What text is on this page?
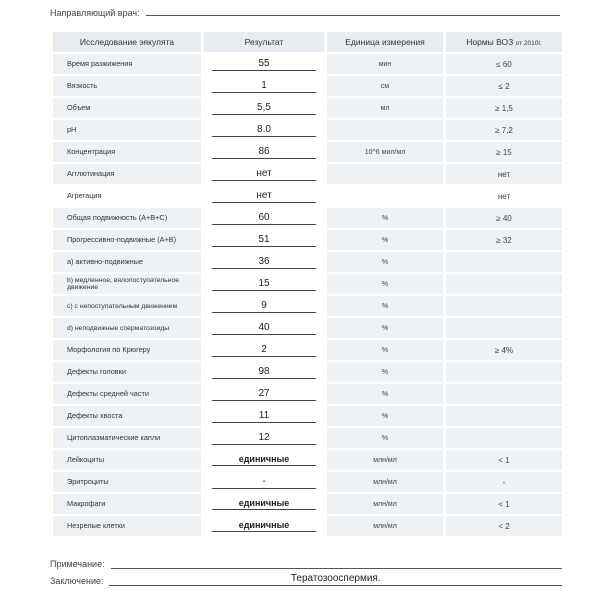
Направляющий врач:
Исследование эякулята	Результат	Единица измерения	Нормы ВОЗ от 2010г.
Время разжижения	55	мин	≤ 60
Вязкость	1	см	≤ 2
Объем	5,5	мл	≥ 1,5
pH	8.0		≥ 7,2
Концентрация	86	10^6 мил/мл	≥ 15
Агглютинация	нет		нет
Агрегация	нет		нет
Общая подвижность (А+В+С)	60	%	≥ 40
Прогрессивно-подвижные (А+В)	51	%	≥ 32
а) активно-подвижные	36	%	
b) медленное, вялопоступательное движение	15	%	
c) с непоступательным движением	9	%	
d) неподвижные сперматозоиды	40	%	
Морфология по Крюгеру	2	%	≥ 4%
Дефекты головки	98	%	
Дефекты средней части	27	%	
Дефекты хвоста	11	%	
Цитоплазматические капли	12	%	
Лейкоциты	единичные	млн/мл	< 1
Эритроциты	-	млн/мл	-
Макрофаги	единичные	млн/мл	< 1
Незрелые клетки	единичные	млн/мл	< 2
Примечание:
Заключение:	Тератозооспермия.
